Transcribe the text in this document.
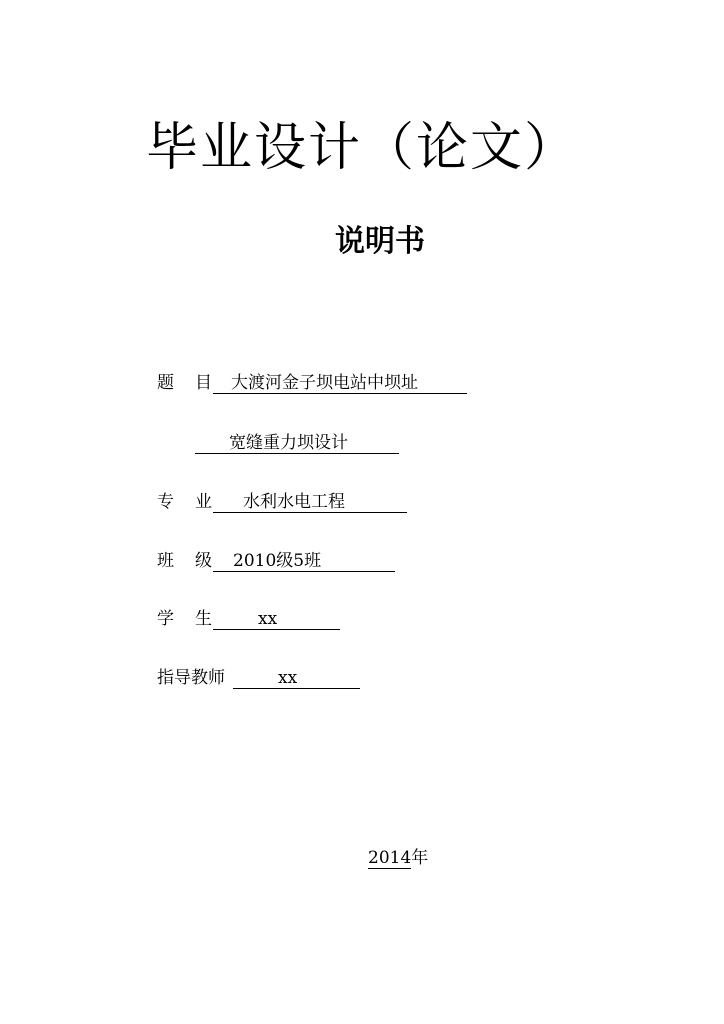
毕业设计（论文）
说明书
题目大渡河金子坝电站中坝址
宽缝重力坝设计
专业 水利水电工程
班级2010级5班
学生 xx
指导教师	xx
2014年
